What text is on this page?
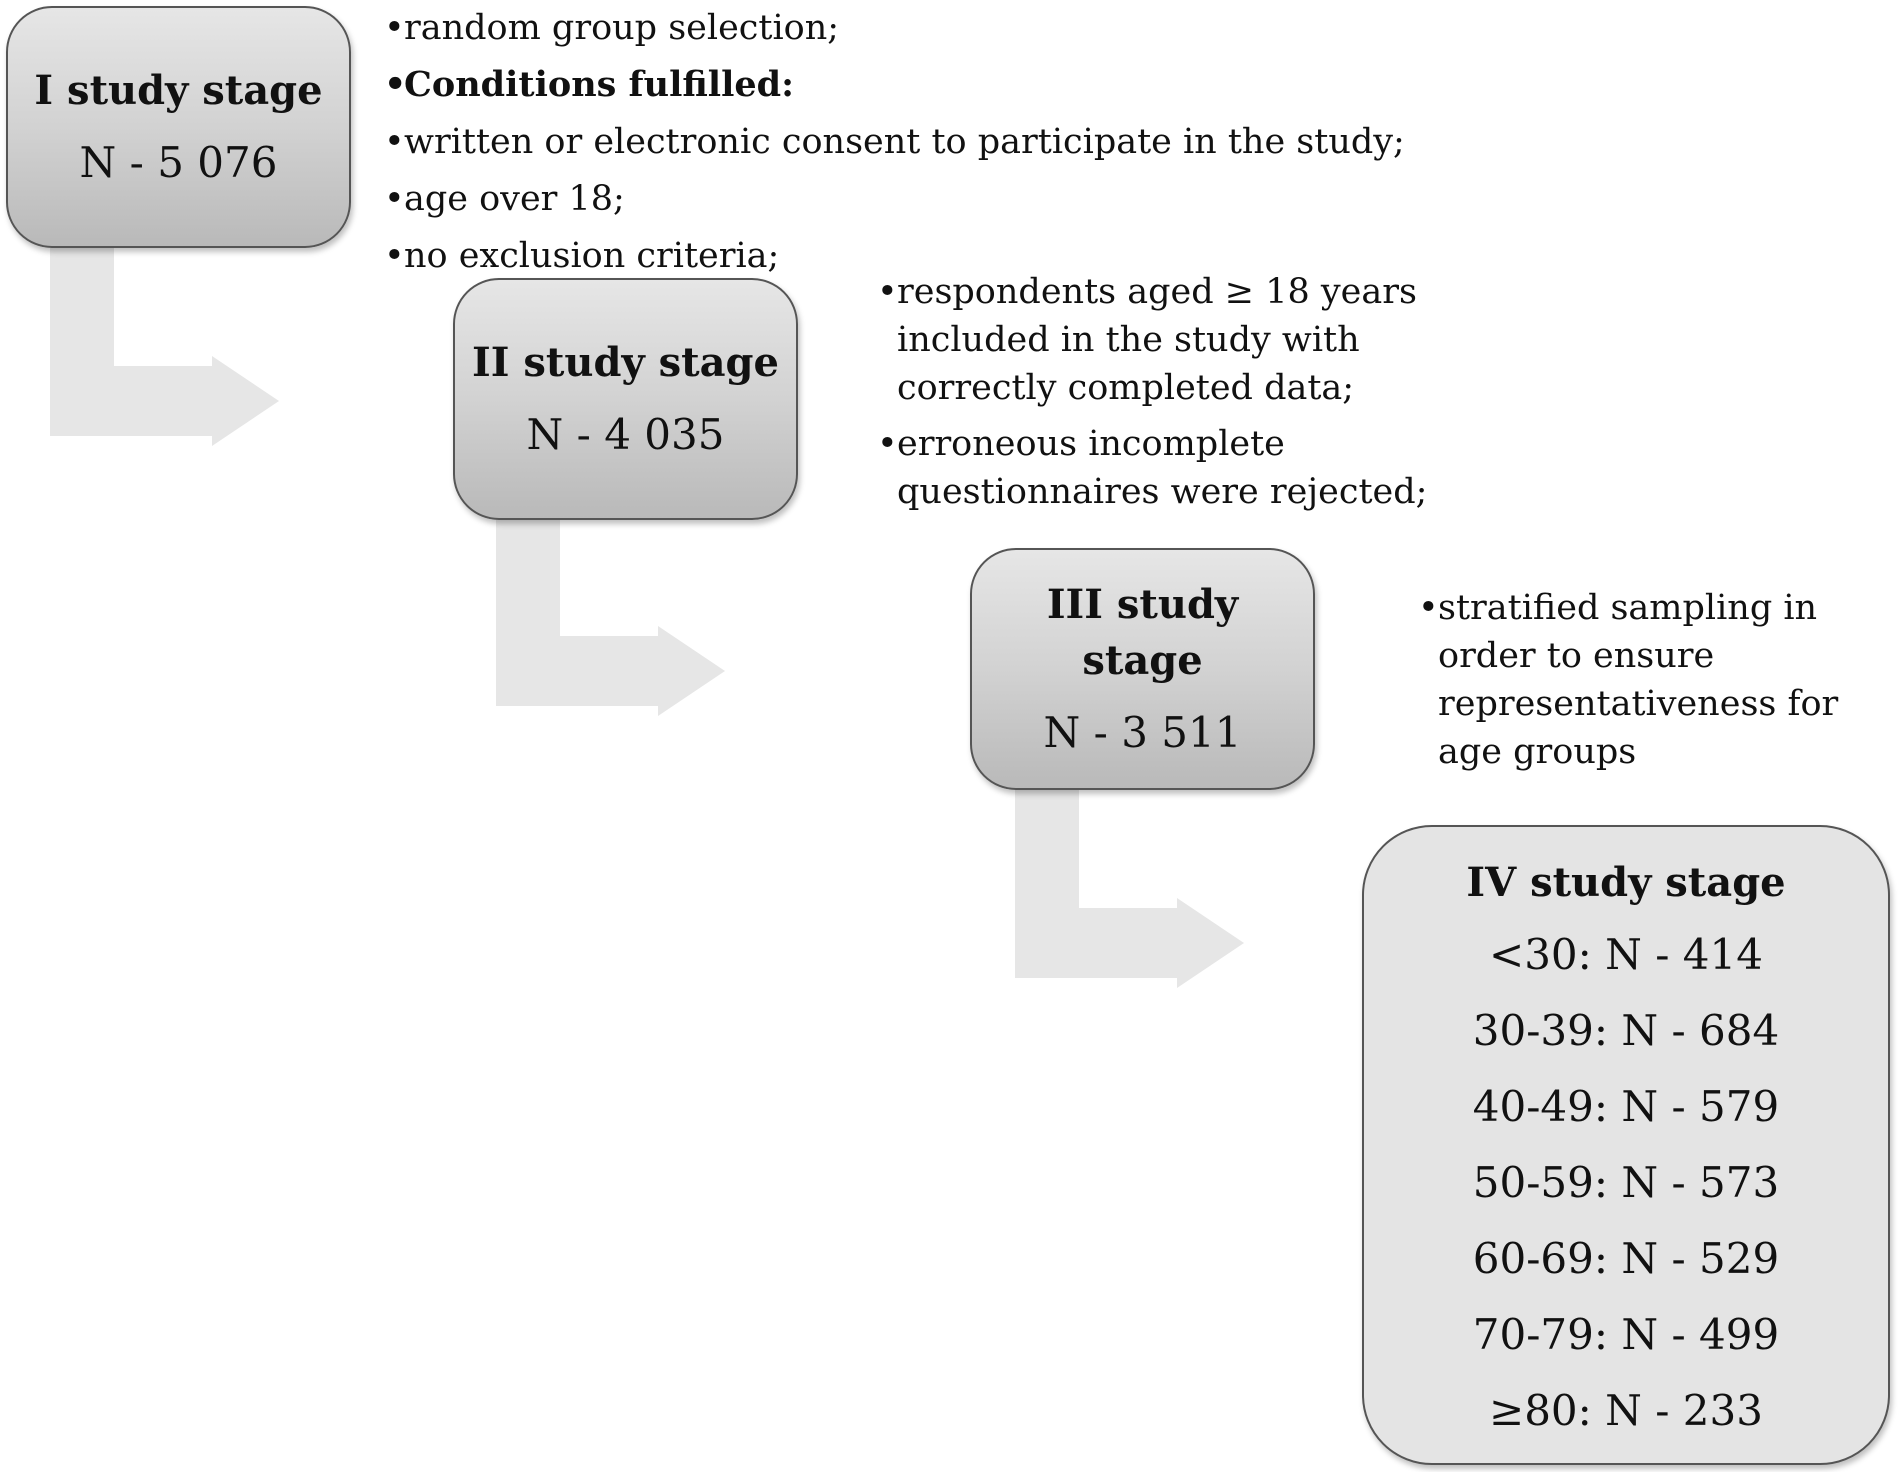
I study stage
N - 5 076
• random group selection;
•
Conditions fulfilled:
• written or electronic consent to participate in the study;
• age over 18;
• no exclusion criteria;
II study stage
N - 4 035
• respondents aged ≥ 18 years included in the study with correctly completed data;
• erroneous incomplete questionnaires were rejected;
III study stage
N - 3 511
• stratified sampling in order to ensure representativeness for age groups
IV study stage
<30: N - 414
30-39: N - 684
40-49: N - 579
50-59: N - 573
60-69: N - 529
70-79: N - 499
≥80: N - 233
